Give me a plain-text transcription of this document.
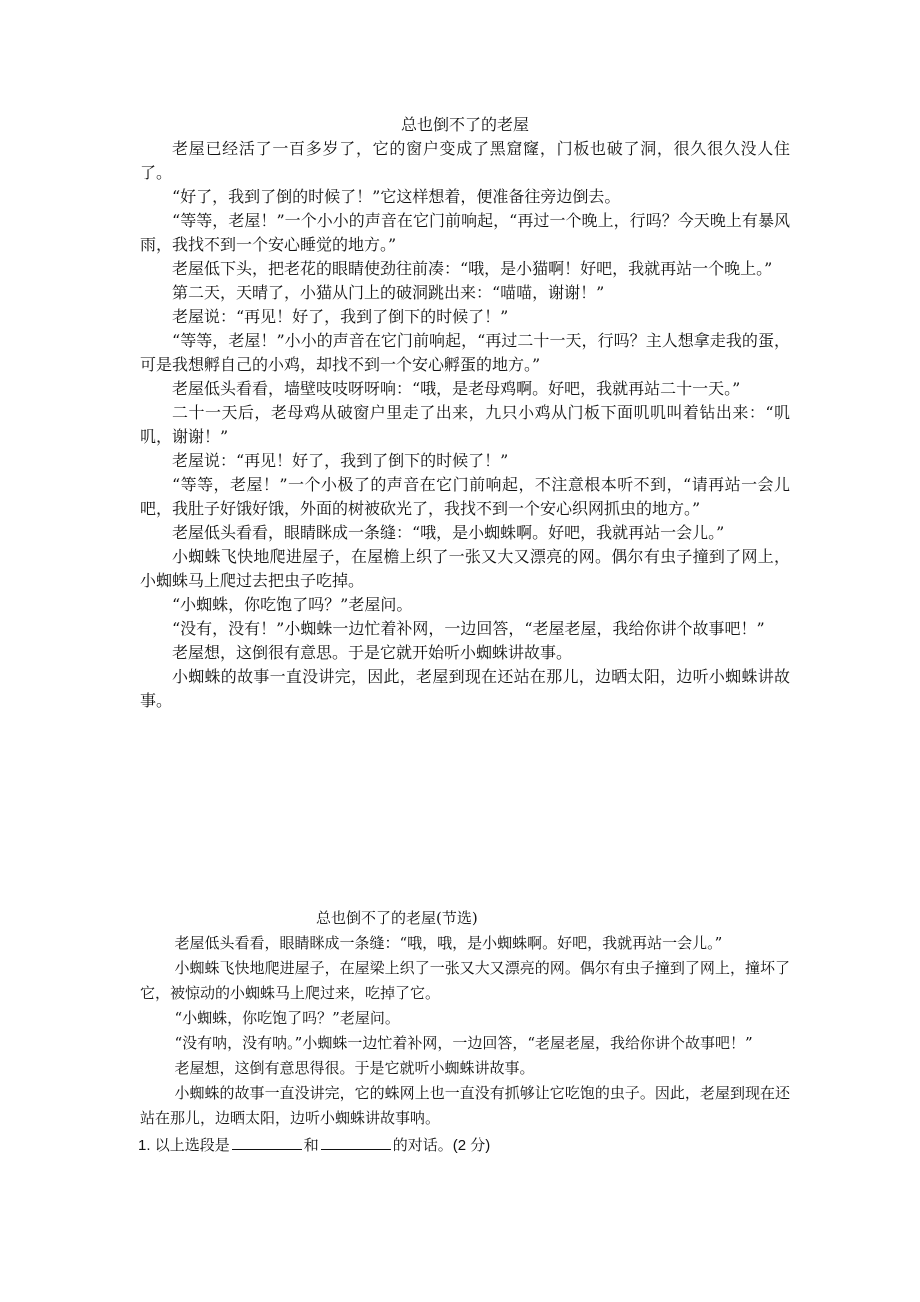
总也倒不了的老屋

老屋已经活了一百多岁了，它的窗户变成了黑窟窿，门板也破了洞，很久很久没人住了。

“好了，我到了倒的时候了！”它这样想着，便准备往旁边倒去。

“等等，老屋！”一个小小的声音在它门前响起，“再过一个晚上，行吗？今天晚上有暴风雨，我找不到一个安心睡觉的地方。”

老屋低下头，把老花的眼睛使劲往前凑：“哦，是小猫啊！好吧，我就再站一个晚上。”

第二天，天晴了，小猫从门上的破洞跳出来：“喵喵，谢谢！”

老屋说：“再见！好了，我到了倒下的时候了！”

“等等，老屋！”小小的声音在它门前响起，“再过二十一天，行吗？主人想拿走我的蛋，可是我想孵自己的小鸡，却找不到一个安心孵蛋的地方。”

老屋低头看看，墙壁吱吱呀呀响：“哦，是老母鸡啊。好吧，我就再站二十一天。”

二十一天后，老母鸡从破窗户里走了出来，九只小鸡从门板下面叽叽叫着钻出来：“叽叽，谢谢！”

老屋说：“再见！好了，我到了倒下的时候了！”

“等等，老屋！”一个小极了的声音在它门前响起，不注意根本听不到，“请再站一会儿吧，我肚子好饿好饿，外面的树被砍光了，我找不到一个安心织网抓虫的地方。”

老屋低头看看，眼睛眯成一条缝：“哦，是小蜘蛛啊。好吧，我就再站一会儿。”

小蜘蛛飞快地爬进屋子，在屋檐上织了一张又大又漂亮的网。偶尔有虫子撞到了网上，小蜘蛛马上爬过去把虫子吃掉。

“小蜘蛛，你吃饱了吗？”老屋问。

“没有，没有！”小蜘蛛一边忙着补网，一边回答，“老屋老屋，我给你讲个故事吧！”

老屋想，这倒很有意思。于是它就开始听小蜘蛛讲故事。

小蜘蛛的故事一直没讲完，因此，老屋到现在还站在那儿，边晒太阳，边听小蜘蛛讲故事。

总也倒不了的老屋(节选)

老屋低头看看，眼睛眯成一条缝：“哦，哦，是小蜘蛛啊。好吧，我就再站一会儿。”

小蜘蛛飞快地爬进屋子，在屋梁上织了一张又大又漂亮的网。偶尔有虫子撞到了网上，撞坏了它，被惊动的小蜘蛛马上爬过来，吃掉了它。

“小蜘蛛，你吃饱了吗？”老屋问。

“没有呐，没有呐。”小蜘蛛一边忙着补网，一边回答，“老屋老屋，我给你讲个故事吧！”

老屋想，这倒有意思得很。于是它就听小蜘蛛讲故事。

小蜘蛛的故事一直没讲完，它的蛛网上也一直没有抓够让它吃饱的虫子。因此，老屋到现在还站在那儿，边晒太阳，边听小蜘蛛讲故事呐。

1. 以上选段是	和	的对话。(2 分)
